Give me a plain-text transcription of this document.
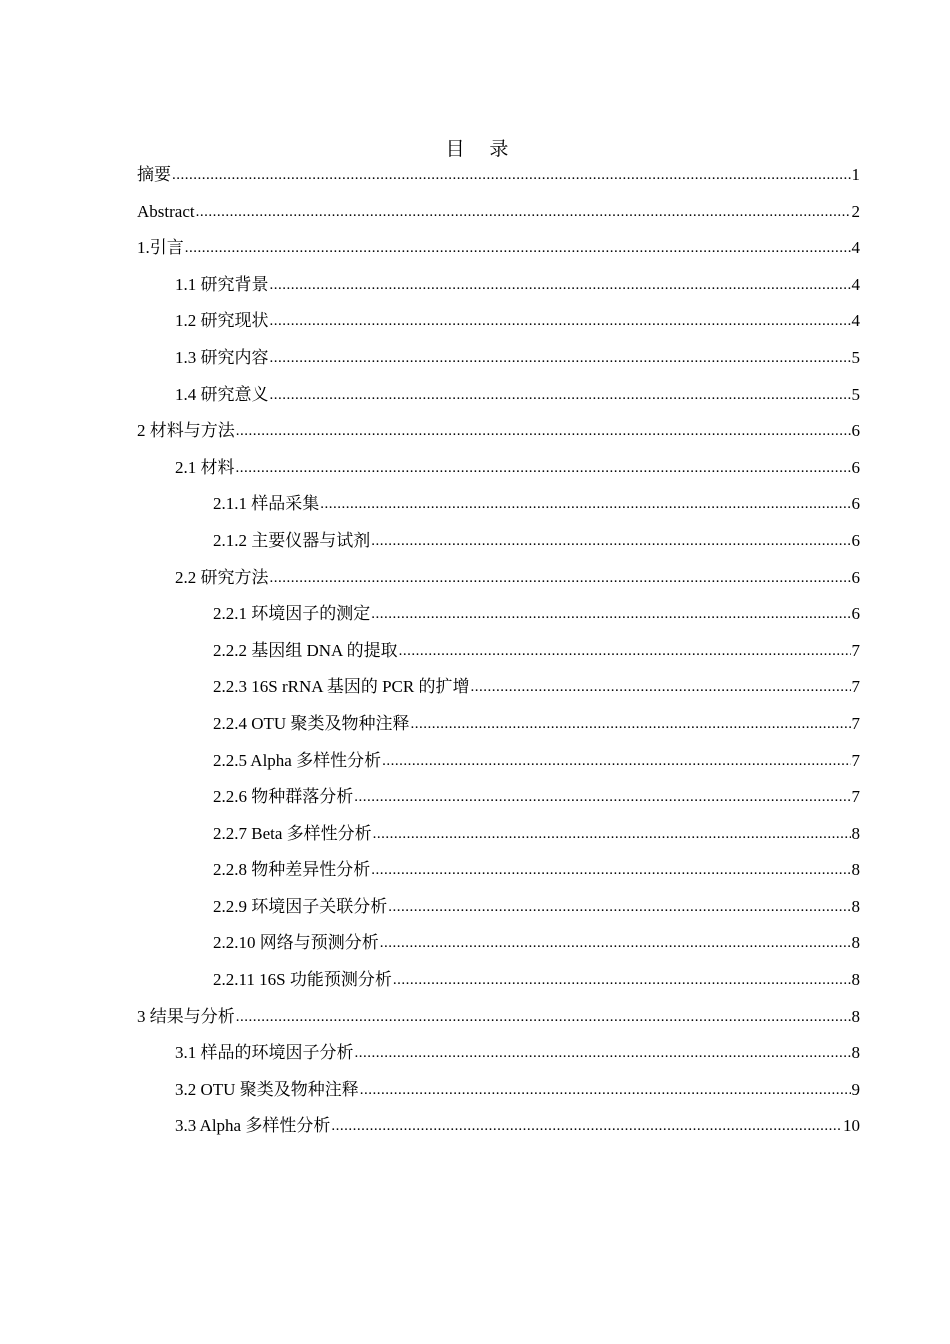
目 录
摘要 .....	1
Abstract .....	2
1.引言 .....	4
1.1 研究背景 .....	4
1.2 研究现状 .....	4
1.3 研究内容 .....	5
1.4 研究意义 .....	5
2 材料与方法 .....	6
2.1 材料 .....	6
2.1.1 样品采集 .....	6
2.1.2 主要仪器与试剂 .....	6
2.2 研究方法 .....	6
2.2.1 环境因子的测定 .....	6
2.2.2 基因组 DNA 的提取 .....	7
2.2.3 16S rRNA 基因的 PCR 的扩增 .....	7
2.2.4 OTU 聚类及物种注释 .....	7
2.2.5 Alpha 多样性分析 .....	7
2.2.6 物种群落分析 .....	7
2.2.7 Beta 多样性分析 .....	8
2.2.8 物种差异性分析 .....	8
2.2.9 环境因子关联分析 .....	8
2.2.10 网络与预测分析 .....	8
2.2.11 16S 功能预测分析 .....	8
3 结果与分析 .....	8
3.1 样品的环境因子分析 .....	8
3.2 OTU 聚类及物种注释 .....	9
3.3 Alpha 多样性分析 .....	10
